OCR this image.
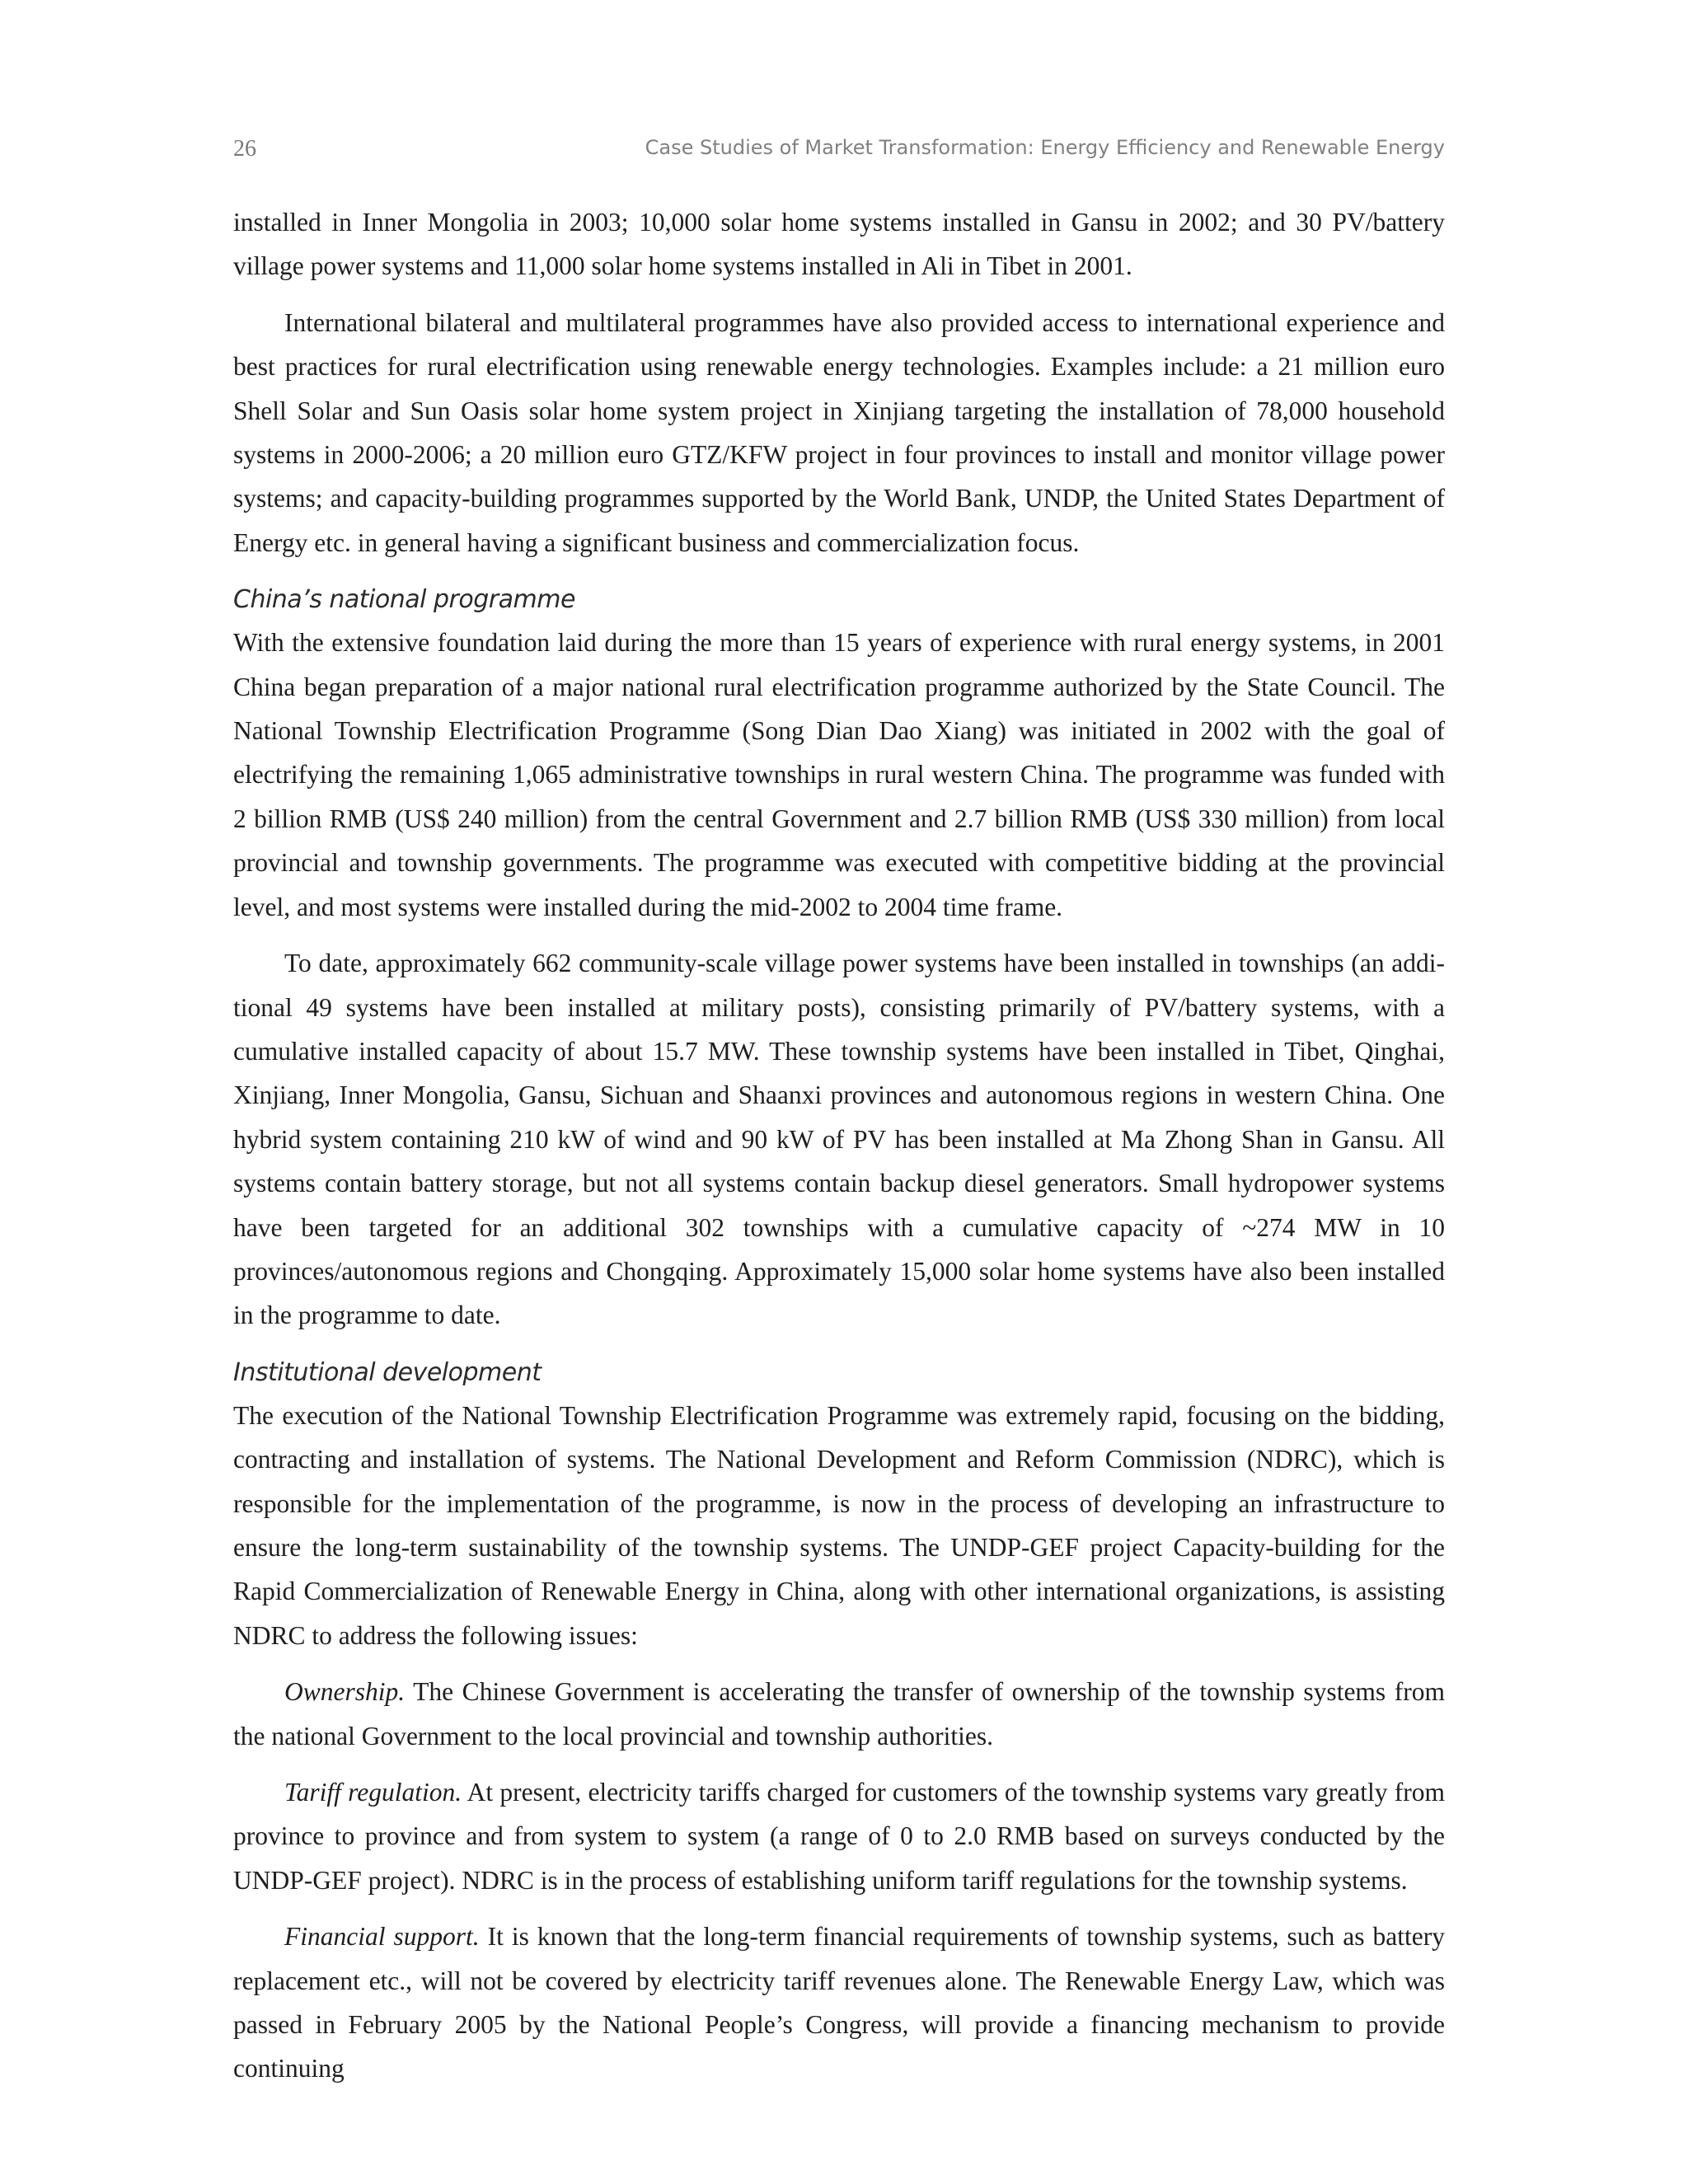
26	Case Studies of Market Transformation: Energy Efficiency and Renewable Energy

installed in Inner Mongolia in 2003; 10,000 solar home systems installed in Gansu in 2002; and 30 PV/battery village power systems and 11,000 solar home systems installed in Ali in Tibet in 2001.

International bilateral and multilateral programmes have also provided access to international experience and best practices for rural electrification using renewable energy technologies. Examples include: a 21 million euro Shell Solar and Sun Oasis solar home system project in Xinjiang targeting the installation of 78,000 household systems in 2000-2006; a 20 million euro GTZ/KFW project in four provinces to install and monitor village power systems; and capacity-building programmes supported by the World Bank, UNDP, the United States Department of Energy etc. in general having a significant business and commercialization focus.

China’s national programme

With the extensive foundation laid during the more than 15 years of experience with rural energy systems, in 2001 China began preparation of a major national rural electrification programme authorized by the State Council. The National Township Electrification Programme (Song Dian Dao Xiang) was initiated in 2002 with the goal of electrifying the remaining 1,065 administrative townships in rural western China. The programme was funded with 2 billion RMB (US$ 240 million) from the central Government and 2.7 billion RMB (US$ 330 million) from local provincial and township governments. The programme was executed with competitive bidding at the provincial level, and most systems were installed during the mid-2002 to 2004 time frame.

To date, approximately 662 community-scale village power systems have been installed in townships (an additional 49 systems have been installed at military posts), consisting primarily of PV/battery systems, with a cumulative installed capacity of about 15.7 MW. These township systems have been installed in Tibet, Qinghai, Xinjiang, Inner Mongolia, Gansu, Sichuan and Shaanxi provinces and autonomous regions in western China. One hybrid system containing 210 kW of wind and 90 kW of PV has been installed at Ma Zhong Shan in Gansu. All systems contain battery storage, but not all systems contain backup diesel generators. Small hydropower systems have been targeted for an additional 302 townships with a cumulative capacity of ~274 MW in 10 provinces/autonomous regions and Chongqing. Approximately 15,000 solar home systems have also been installed in the programme to date.

Institutional development

The execution of the National Township Electrification Programme was extremely rapid, focusing on the bidding, contracting and installation of systems. The National Development and Reform Commission (NDRC), which is responsible for the implementation of the programme, is now in the process of developing an infrastructure to ensure the long-term sustainability of the township systems. The UNDP-GEF project Capacity-building for the Rapid Commercialization of Renewable Energy in China, along with other international organizations, is assisting NDRC to address the following issues:

Ownership. The Chinese Government is accelerating the transfer of ownership of the township systems from the national Government to the local provincial and township authorities.

Tariff regulation. At present, electricity tariffs charged for customers of the township systems vary greatly from province to province and from system to system (a range of 0 to 2.0 RMB based on surveys conducted by the UNDP-GEF project). NDRC is in the process of establishing uniform tariff regulations for the township systems.

Financial support. It is known that the long-term financial requirements of township systems, such as battery replacement etc., will not be covered by electricity tariff revenues alone. The Renewable Energy Law, which was passed in February 2005 by the National People’s Congress, will provide a financing mechanism to provide continuing
